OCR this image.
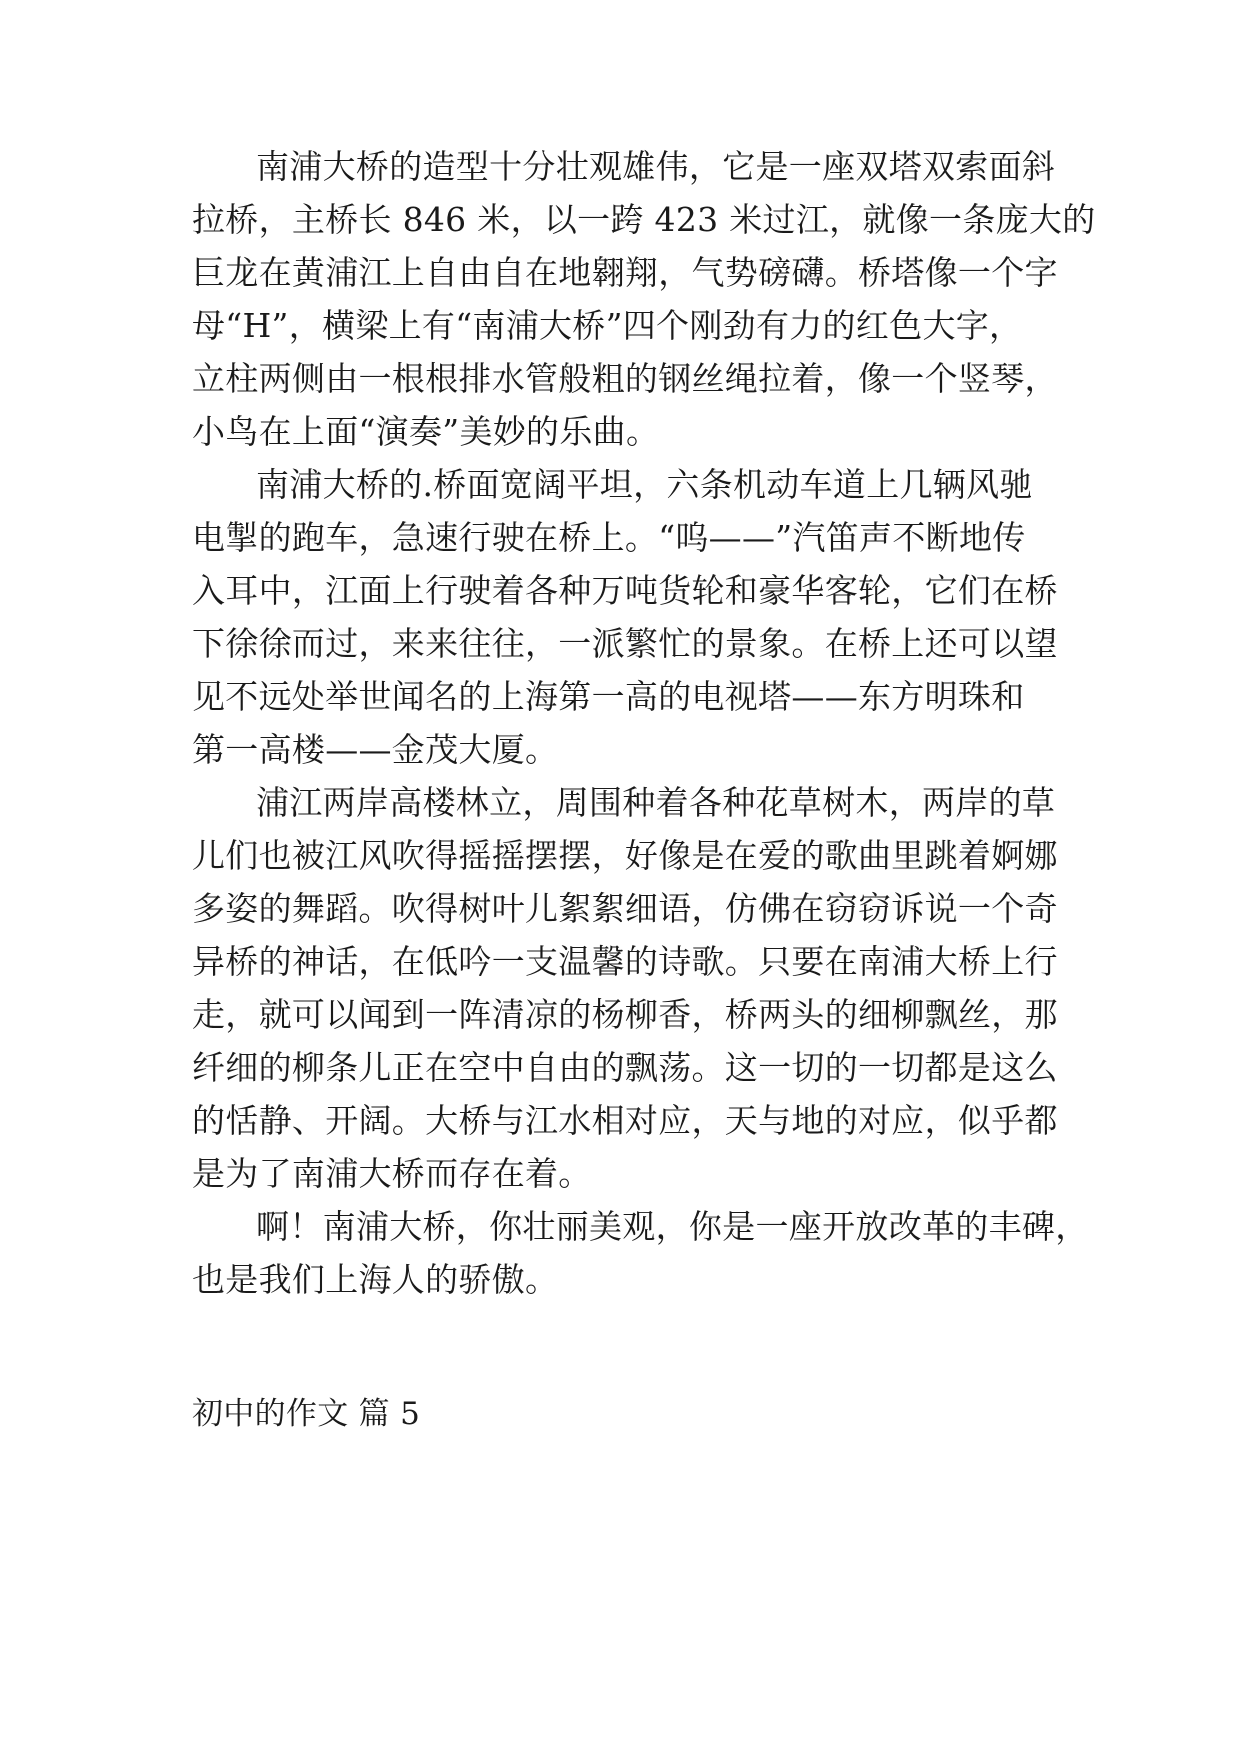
南浦大桥的造型十分壮观雄伟，它是一座双塔双索面斜
拉桥，主桥长 846 米，以一跨 423 米过江，就像一条庞大的
巨龙在黄浦江上自由自在地翱翔，气势磅礴。桥塔像一个字
母“H”，横梁上有“南浦大桥”四个刚劲有力的红色大字，
立柱两侧由一根根排水管般粗的钢丝绳拉着，像一个竖琴，
小鸟在上面“演奏”美妙的乐曲。
南浦大桥的.桥面宽阔平坦，六条机动车道上几辆风驰
电掣的跑车，急速行驶在桥上。“呜——”汽笛声不断地传
入耳中，江面上行驶着各种万吨货轮和豪华客轮，它们在桥
下徐徐而过，来来往往，一派繁忙的景象。在桥上还可以望
见不远处举世闻名的上海第一高的电视塔——东方明珠和
第一高楼——金茂大厦。
浦江两岸高楼林立，周围种着各种花草树木，两岸的草
儿们也被江风吹得摇摇摆摆，好像是在爱的歌曲里跳着婀娜
多姿的舞蹈。吹得树叶儿絮絮细语，仿佛在窃窃诉说一个奇
异桥的神话，在低吟一支温馨的诗歌。只要在南浦大桥上行
走，就可以闻到一阵清凉的杨柳香，桥两头的细柳飘丝，那
纤细的柳条儿正在空中自由的飘荡。这一切的一切都是这么
的恬静、开阔。大桥与江水相对应，天与地的对应，似乎都
是为了南浦大桥而存在着。
啊！南浦大桥，你壮丽美观，你是一座开放改革的丰碑，
也是我们上海人的骄傲。
初中的作文 篇 5
